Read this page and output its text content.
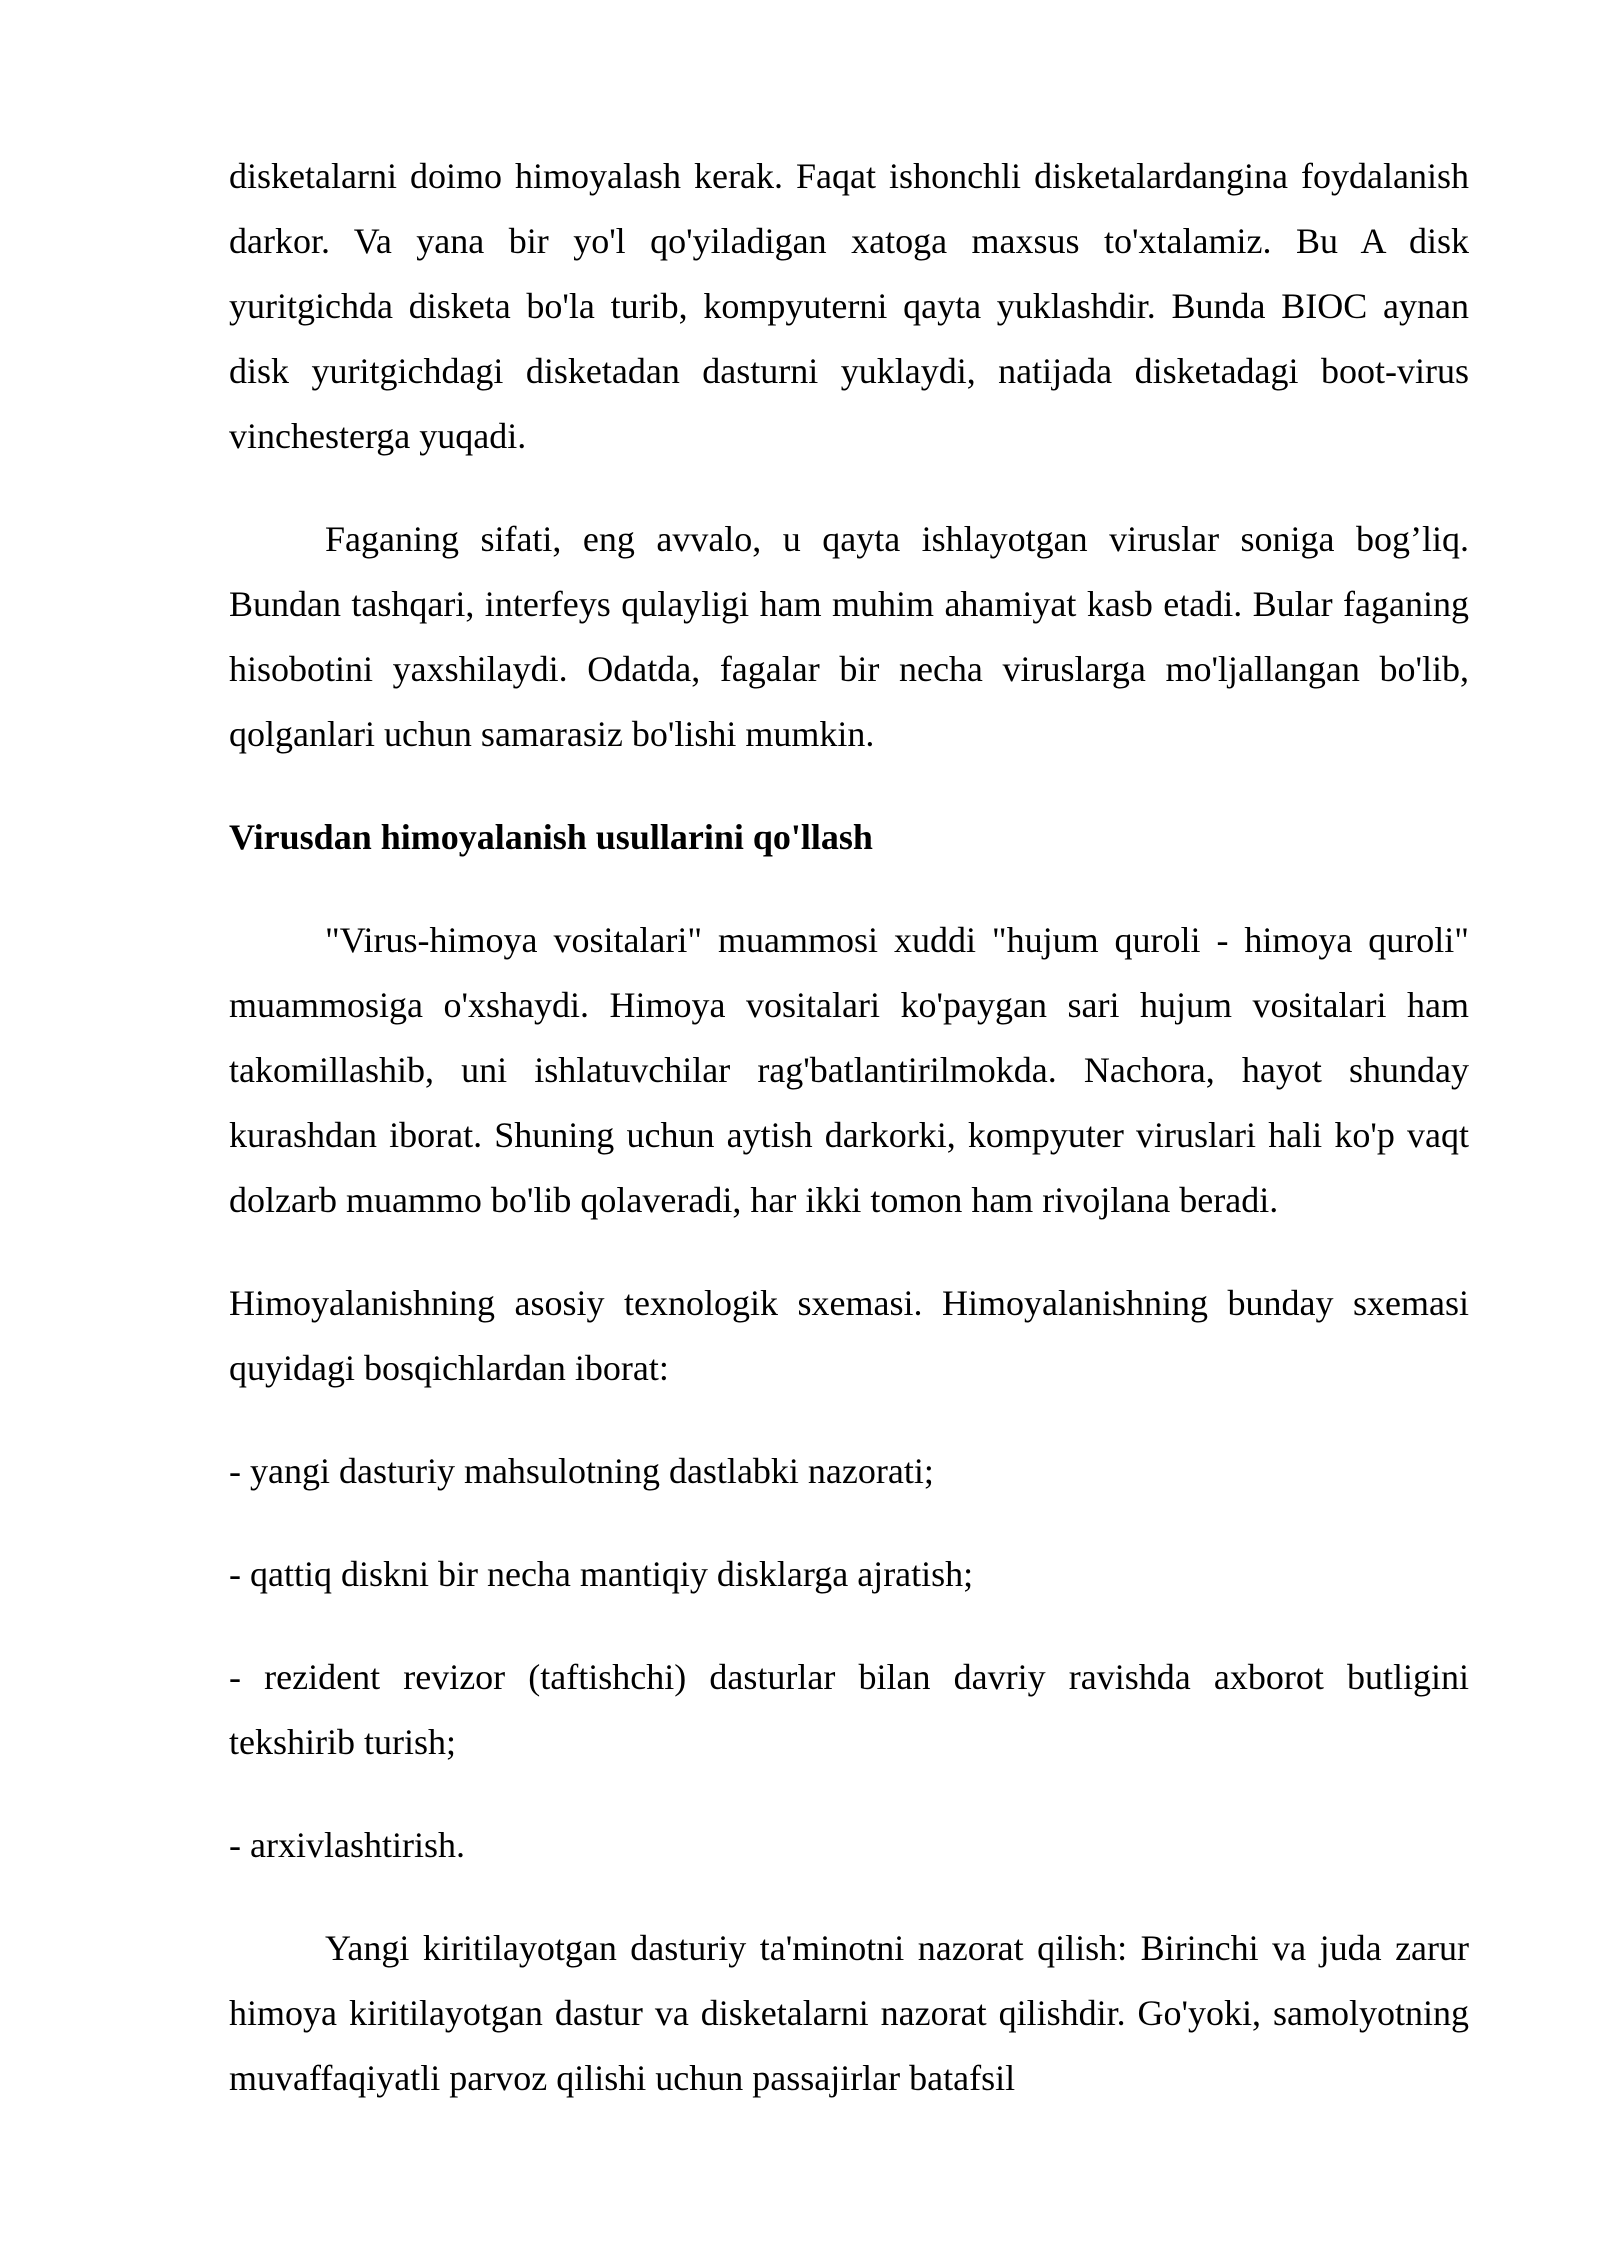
disketalarni doimo himoyalash kerak. Faqat ishonchli disketalardangina foydalanish darkor. Va yana bir yo'l qo'yiladigan xatoga maxsus to'xtalamiz. Bu A disk yuritgichda disketa bo'la turib, kompyuterni qayta yuklashdir. Bunda BIOC aynan disk yuritgichdagi disketadan dasturni yuklaydi, natijada disketadagi boot-virus vinchesterga yuqadi.

Faganing sifati, eng avvalo, u qayta ishlayotgan viruslar soniga bog’liq. Bundan tashqari, interfeys qulayligi ham muhim ahamiyat kasb etadi. Bular faganing hisobotini yaxshilaydi. Odatda, fagalar bir necha viruslarga mo'ljallangan bo'lib, qolganlari uchun samarasiz bo'lishi mumkin.

Virusdan himoyalanish usullarini qo'llash

"Virus-himoya vositalari" muammosi xuddi "hujum quroli - himoya quroli" muammosiga o'xshaydi. Himoya vositalari ko'paygan sari hujum vositalari ham takomillashib, uni ishlatuvchilar rag'batlantirilmokda. Nachora, hayot shunday kurashdan iborat. Shuning uchun aytish darkorki, kompyuter viruslari hali ko'p vaqt dolzarb muammo bo'lib qolaveradi, har ikki tomon ham rivojlana beradi.

Himoyalanishning asosiy texnologik sxemasi. Himoyalanishning bunday sxemasi quyidagi bosqichlardan iborat:

- yangi dasturiy mahsulotning dastlabki nazorati;

- qattiq diskni bir necha mantiqiy disklarga ajratish;

- rezident revizor (taftishchi) dasturlar bilan davriy ravishda axborot butligini tekshirib turish;

- arxivlashtirish.

Yangi kiritilayotgan dasturiy ta'minotni nazorat qilish: Birinchi va juda zarur himoya kiritilayotgan dastur va disketalarni nazorat qilishdir. Go'yoki, samolyotning muvaffaqiyatli parvoz qilishi uchun passajirlar batafsil
